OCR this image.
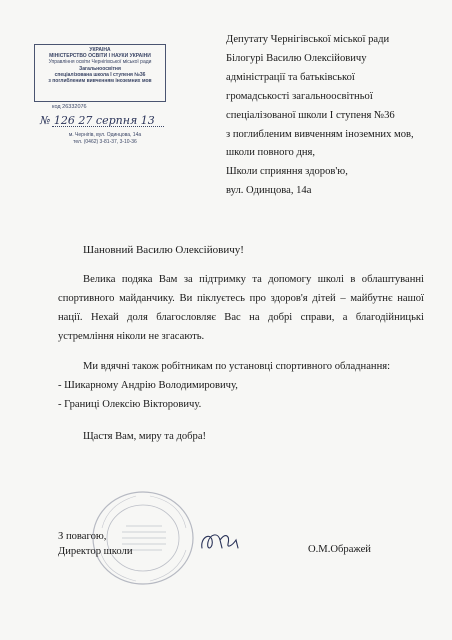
УКРАЇНА
МІНІСТЕРСТВО ОСВІТИ І НАУКИ УКРАЇНИ
Управління освіти Чернігівської міської ради
Загальноосвітня
спеціалізована школа І ступеня №36
з поглибленим вивченням іноземних мов
код 26332076
№ 126 27 серпня 13
м. Чернігів, вул. Одинцова, 14а
тел. (0462) 3-81-37, 3-10-36
Депутату Чернігівської міської ради
Білогурі Василю Олексійовичу
адміністрації та батьківської
громадськості загальноосвітньої
спеціалізованої школи І ступеня №36
з поглибленим вивченням іноземних мов,
школи повного дня,
Школи сприяння здоров'ю,
вул. Одинцова, 14а
Шановний Василю Олексійовичу!
Велика подяка Вам за підтримку та допомогу школі в облаштуванні
спортивного майданчику. Ви піклуєтесь про здоров'я дітей – майбутнє нашої
нації. Нехай доля благословляє Вас на добрі справи, а благодійницькі
устремління ніколи не згасають.
Ми вдячні також робітникам по установці спортивного обладнання:
- Шикарному Андрію Володимировичу,
- Границі Олексію Вікторовичу.
Щастя Вам, миру та добра!
З повагою,
Директор школи	О.М.Ображей
